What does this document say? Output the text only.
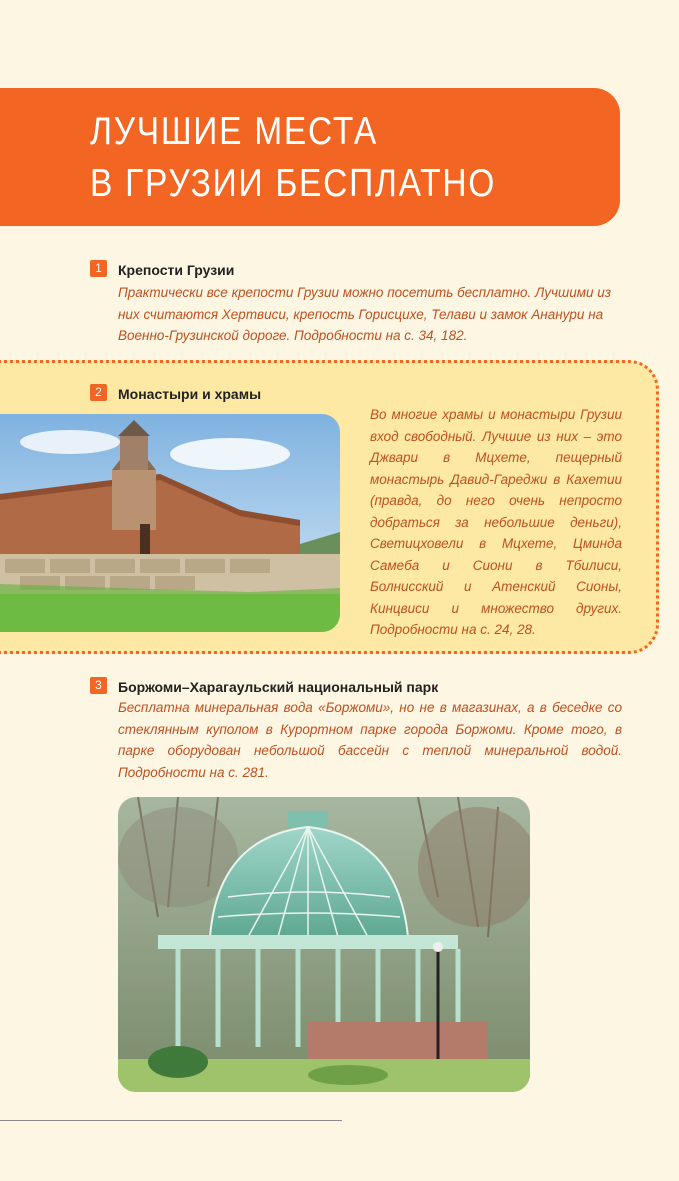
ЛУЧШИЕ МЕСТА
В ГРУЗИИ БЕСПЛАТНО
1	Крепости Грузии
Практически все крепости Грузии можно посетить бесплатно. Лучшими из них считаются Хертвиси, крепость Горисцихе, Телави и замок Ананури на Военно-Грузинской дороге. Подробности на с. 34, 182.
2	Монастыри и храмы
Во многие храмы и монастыри Грузии вход свободный. Лучшие из них – это Джвари в Мцхете, пещерный монастырь Давид-Гареджи в Кахетии (правда, до него очень непросто добраться за небольшие деньги), Светицховели в Мцхете, Цминда Самеба и Сиони в Тбилиси, Болнисский и Атенский Сионы, Кинцвиси и множество других. Подробности на с. 24, 28.
3	Боржоми–Харагаульский национальный парк
Бесплатна минеральная вода «Боржоми», но не в магазинах, а в беседке со стеклянным куполом в Курортном парке города Боржоми. Кроме того, в парке оборудован небольшой бассейн с теплой минеральной водой. Подробности на с. 281.
